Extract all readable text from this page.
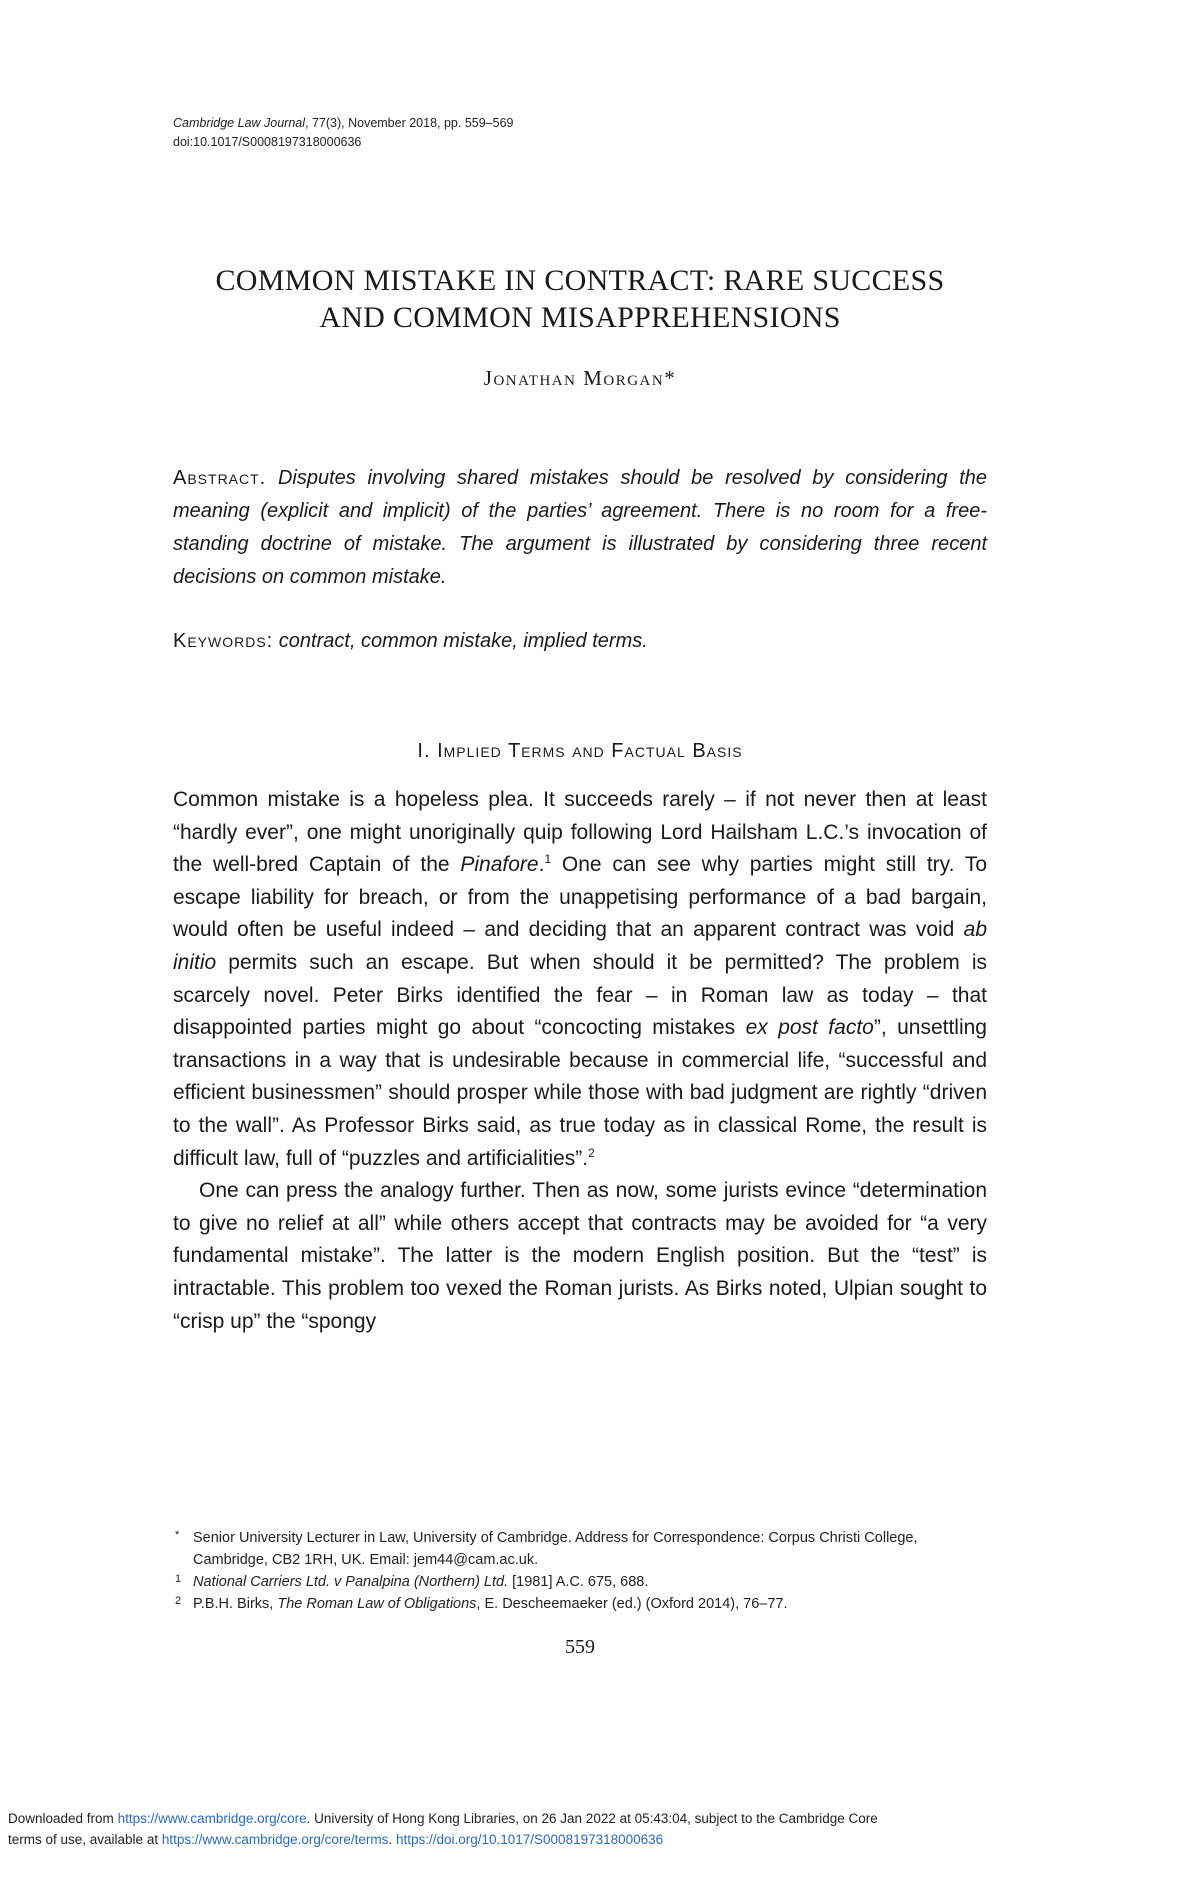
Cambridge Law Journal, 77(3), November 2018, pp. 559–569
doi:10.1017/S0008197318000636
COMMON MISTAKE IN CONTRACT: RARE SUCCESS
AND COMMON MISAPPREHENSIONS
Jonathan Morgan*
Abstract. Disputes involving shared mistakes should be resolved by considering the meaning (explicit and implicit) of the parties’ agreement. There is no room for a free-standing doctrine of mistake. The argument is illustrated by considering three recent decisions on common mistake.
Keywords: contract, common mistake, implied terms.
I. Implied Terms and Factual Basis

Common mistake is a hopeless plea. It succeeds rarely – if not never then at least “hardly ever”, one might unoriginally quip following Lord Hailsham L.C.’s invocation of the well-bred Captain of the Pinafore.$^1$ One can see why parties might still try. To escape liability for breach, or from the unappetising performance of a bad bargain, would often be useful indeed – and deciding that an apparent contract was void ab initio permits such an escape. But when should it be permitted? The problem is scarcely novel. Peter Birks identified the fear – in Roman law as today – that disappointed parties might go about “concocting mistakes ex post facto”, unsettling transactions in a way that is undesirable because in commercial life, “successful and efficient businessmen” should prosper while those with bad judgment are rightly “driven to the wall”. As Professor Birks said, as true today as in classical Rome, the result is difficult law, full of “puzzles and artificialities”.$^2$

One can press the analogy further. Then as now, some jurists evince “determination to give no relief at all” while others accept that contracts may be avoided for “a very fundamental mistake”. The latter is the modern English position. But the “test” is intractable. This problem too vexed the Roman jurists. As Birks noted, Ulpian sought to “crisp up” the “spongy

* Senior University Lecturer in Law, University of Cambridge. Address for Correspondence: Corpus Christi College, Cambridge, CB2 1RH, UK. Email: jem44@cam.ac.uk.
1 National Carriers Ltd. v Panalpina (Northern) Ltd. [1981] A.C. 675, 688.
2 P.B.H. Birks, The Roman Law of Obligations, E. Descheemaeker (ed.) (Oxford 2014), 76–77.
559
Downloaded from https://www.cambridge.org/core. University of Hong Kong Libraries, on 26 Jan 2022 at 05:43:04, subject to the Cambridge Core
terms of use, available at https://www.cambridge.org/core/terms. https://doi.org/10.1017/S0008197318000636
